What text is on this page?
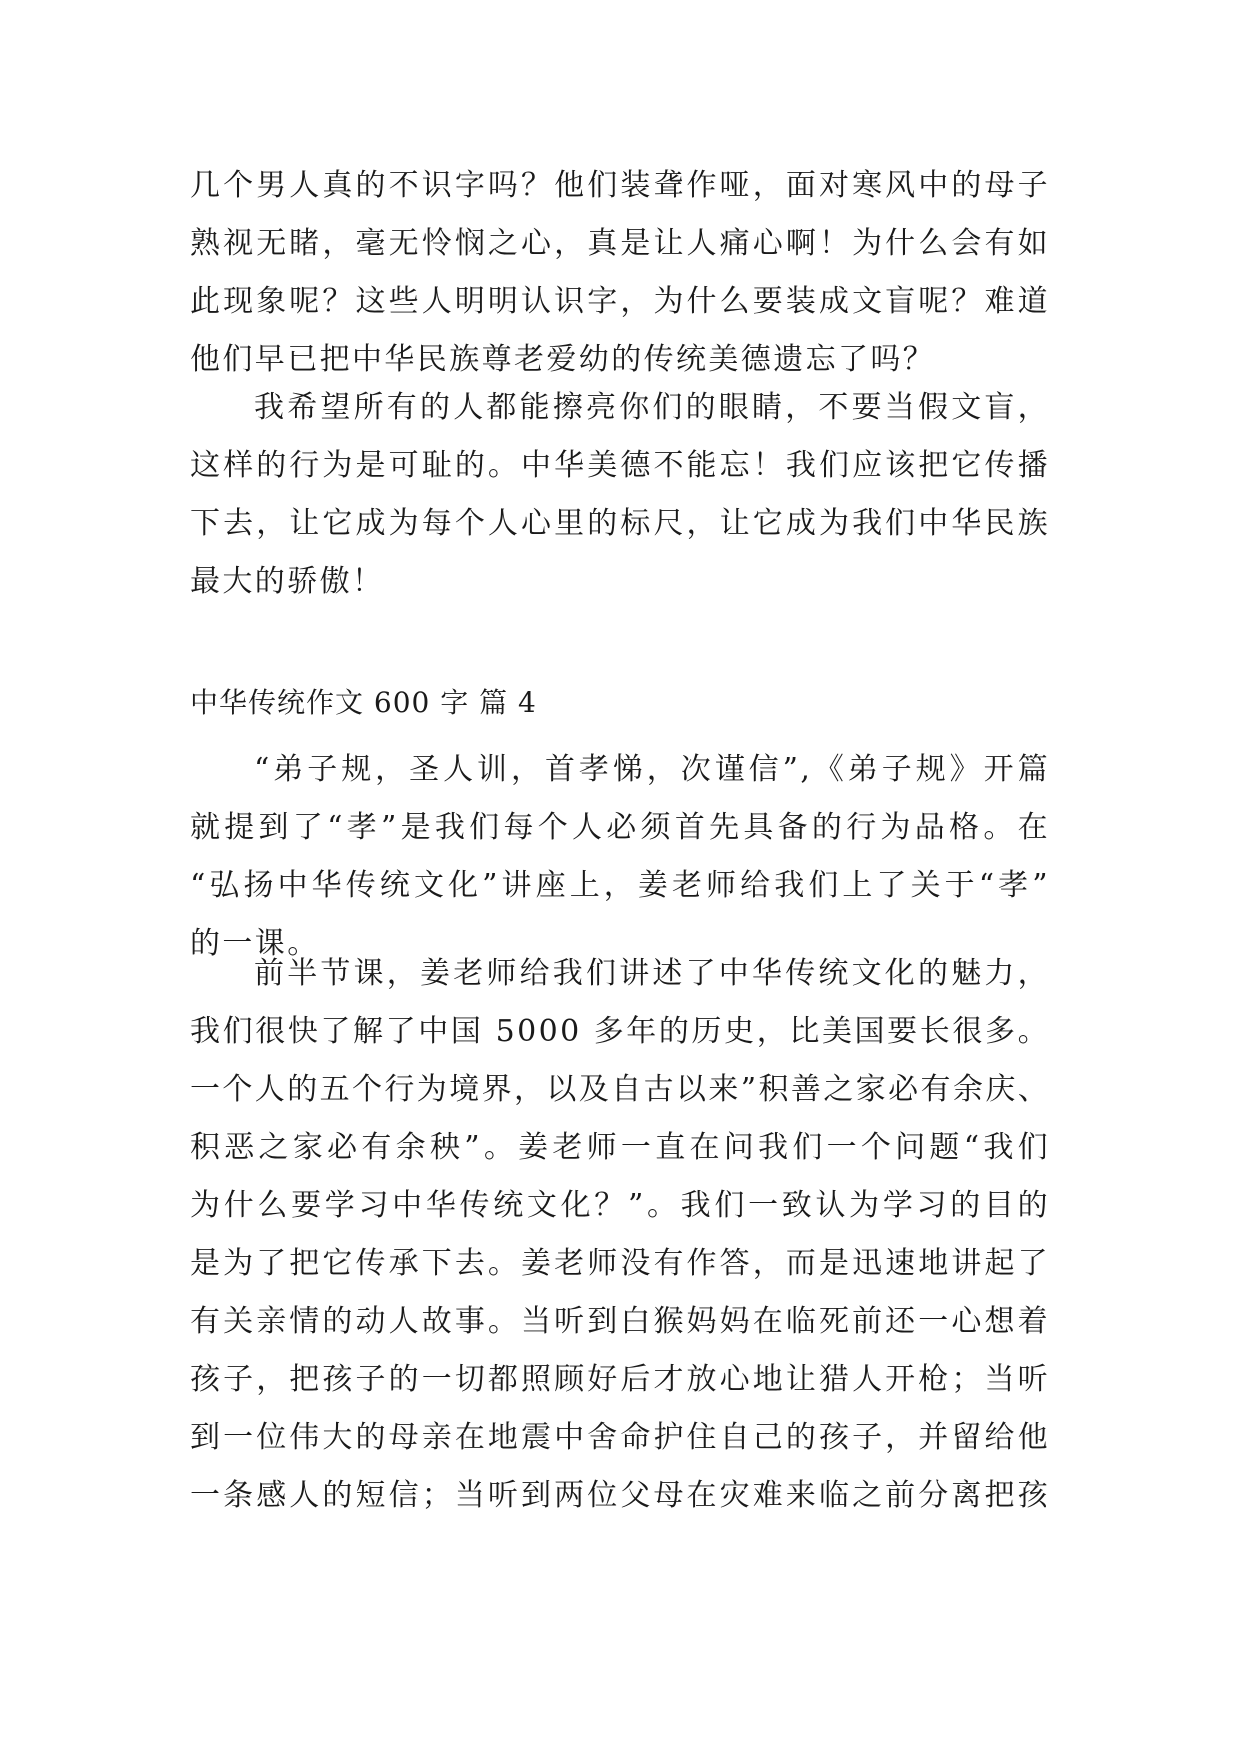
几个男人真的不识字吗？他们装聋作哑，面对寒风中的母子
熟视无睹，毫无怜悯之心，真是让人痛心啊！为什么会有如
此现象呢？这些人明明认识字，为什么要装成文盲呢？难道
他们早已把中华民族尊老爱幼的传统美德遗忘了吗？
我希望所有的人都能擦亮你们的眼睛，不要当假文盲，
这样的行为是可耻的。中华美德不能忘！我们应该把它传播
下去，让它成为每个人心里的标尺，让它成为我们中华民族
最大的骄傲！
中华传统作文 600 字 篇 4
“弟子规，圣人训，首孝悌，次谨信”,《弟子规》开篇
就提到了“孝”是我们每个人必须首先具备的行为品格。在
“弘扬中华传统文化”讲座上，姜老师给我们上了关于“孝”
的一课。
前半节课，姜老师给我们讲述了中华传统文化的魅力，
我们很快了解了中国 5000 多年的历史，比美国要长很多。
一个人的五个行为境界，以及自古以来”积善之家必有余庆、
积恶之家必有余秧”。姜老师一直在问我们一个问题“我们
为什么要学习中华传统文化？”。我们一致认为学习的目的
是为了把它传承下去。姜老师没有作答，而是迅速地讲起了
有关亲情的动人故事。当听到白猴妈妈在临死前还一心想着
孩子，把孩子的一切都照顾好后才放心地让猎人开枪；当听
到一位伟大的母亲在地震中舍命护住自己的孩子，并留给他
一条感人的短信；当听到两位父母在灾难来临之前分离把孩
